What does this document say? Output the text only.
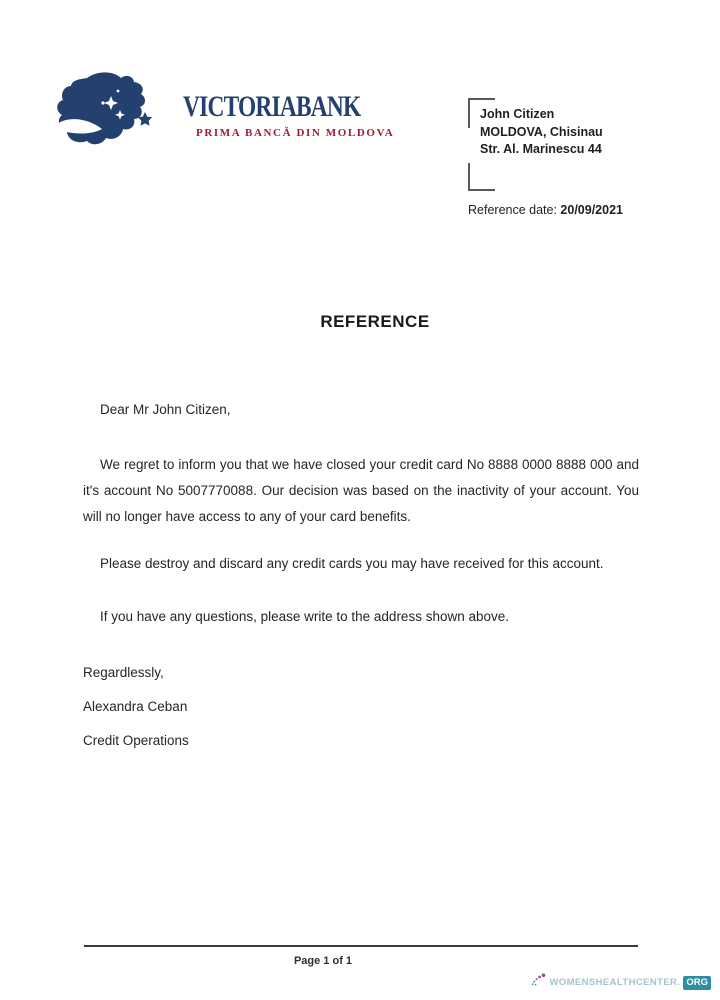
VICTORIABANK
PRIMA BANCĂ DIN MOLDOVA
John Citizen
MOLDOVA, Chisinau
Str. Al. Marinescu 44
Reference date: 20/09/2021
REFERENCE
Dear Mr John Citizen,
We regret to inform you that we have closed your credit card No 8888 0000 8888 000 and
it's account No 5007770088. Our decision was based on the inactivity of your account. You
will no longer have access to any of your card benefits.
Please destroy and discard any credit cards you may have received for this account.
If you have any questions, please write to the address shown above.
Regardlessly,
Alexandra Ceban
Credit Operations
Page 1 of 1
WOMENSHEALTHCENTER. ORG
